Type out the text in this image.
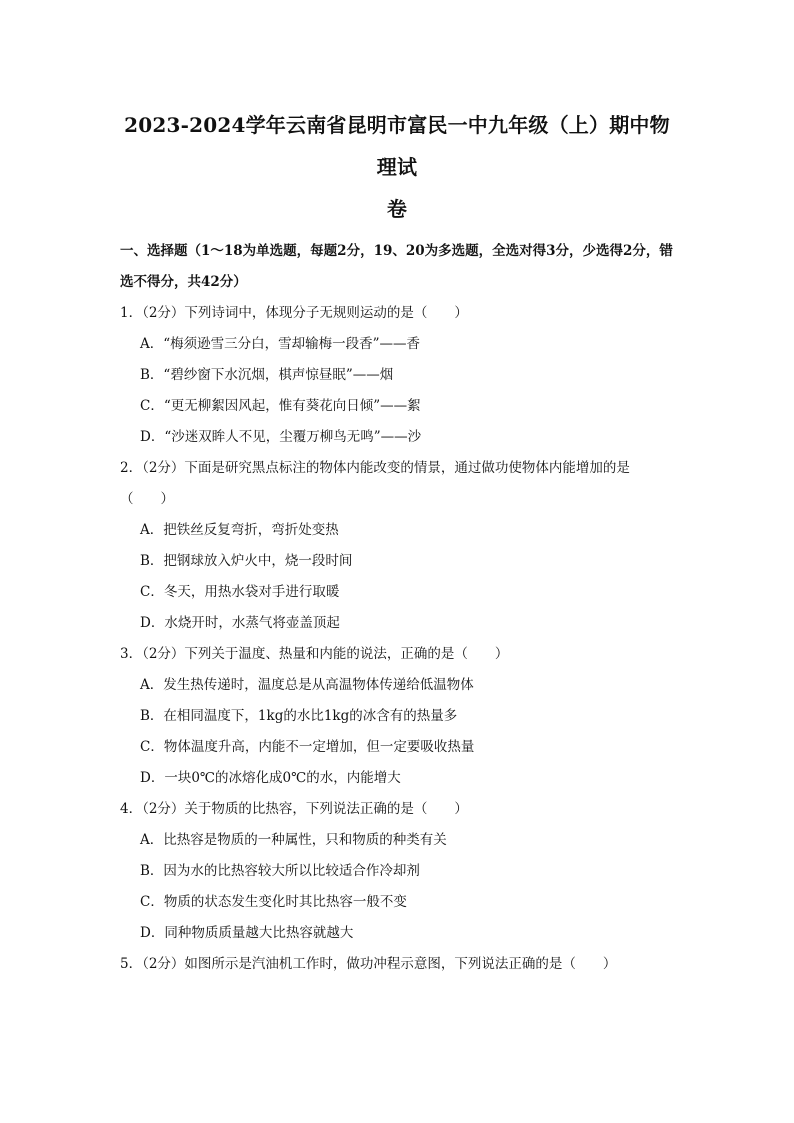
2023-2024学年云南省昆明市富民一中九年级（上）期中物理试
卷

一、选择题（1～18为单选题，每题2分，19、20为多选题，全选对得3分，少选得2分，错选不得分，共42分）

1．（2分）下列诗词中，体现分子无规则运动的是（　　）

A．“梅须逊雪三分白，雪却输梅一段香”——香
B．“碧纱窗下水沉烟，棋声惊昼眠”——烟
C．“更无柳絮因风起，惟有葵花向日倾”——絮
D．“沙迷双眸人不见，尘覆万柳鸟无鸣”——沙

2．（2分）下面是研究黑点标注的物体内能改变的情景，通过做功使物体内能增加的是（　　）

A．把铁丝反复弯折，弯折处变热
B．把钢球放入炉火中，烧一段时间
C．冬天，用热水袋对手进行取暖
D．水烧开时，水蒸气将壶盖顶起

3．（2分）下列关于温度、热量和内能的说法，正确的是（　　）

A．发生热传递时，温度总是从高温物体传递给低温物体
B．在相同温度下，1kg的水比1kg的冰含有的热量多
C．物体温度升高，内能不一定增加，但一定要吸收热量
D．一块0℃的冰熔化成0℃的水，内能增大

4．（2分）关于物质的比热容，下列说法正确的是（　　）

A．比热容是物质的一种属性，只和物质的种类有关
B．因为水的比热容较大所以比较适合作冷却剂
C．物质的状态发生变化时其比热容一般不变
D．同种物质质量越大比热容就越大

5．（2分）如图所示是汽油机工作时，做功冲程示意图，下列说法正确的是（　　）
